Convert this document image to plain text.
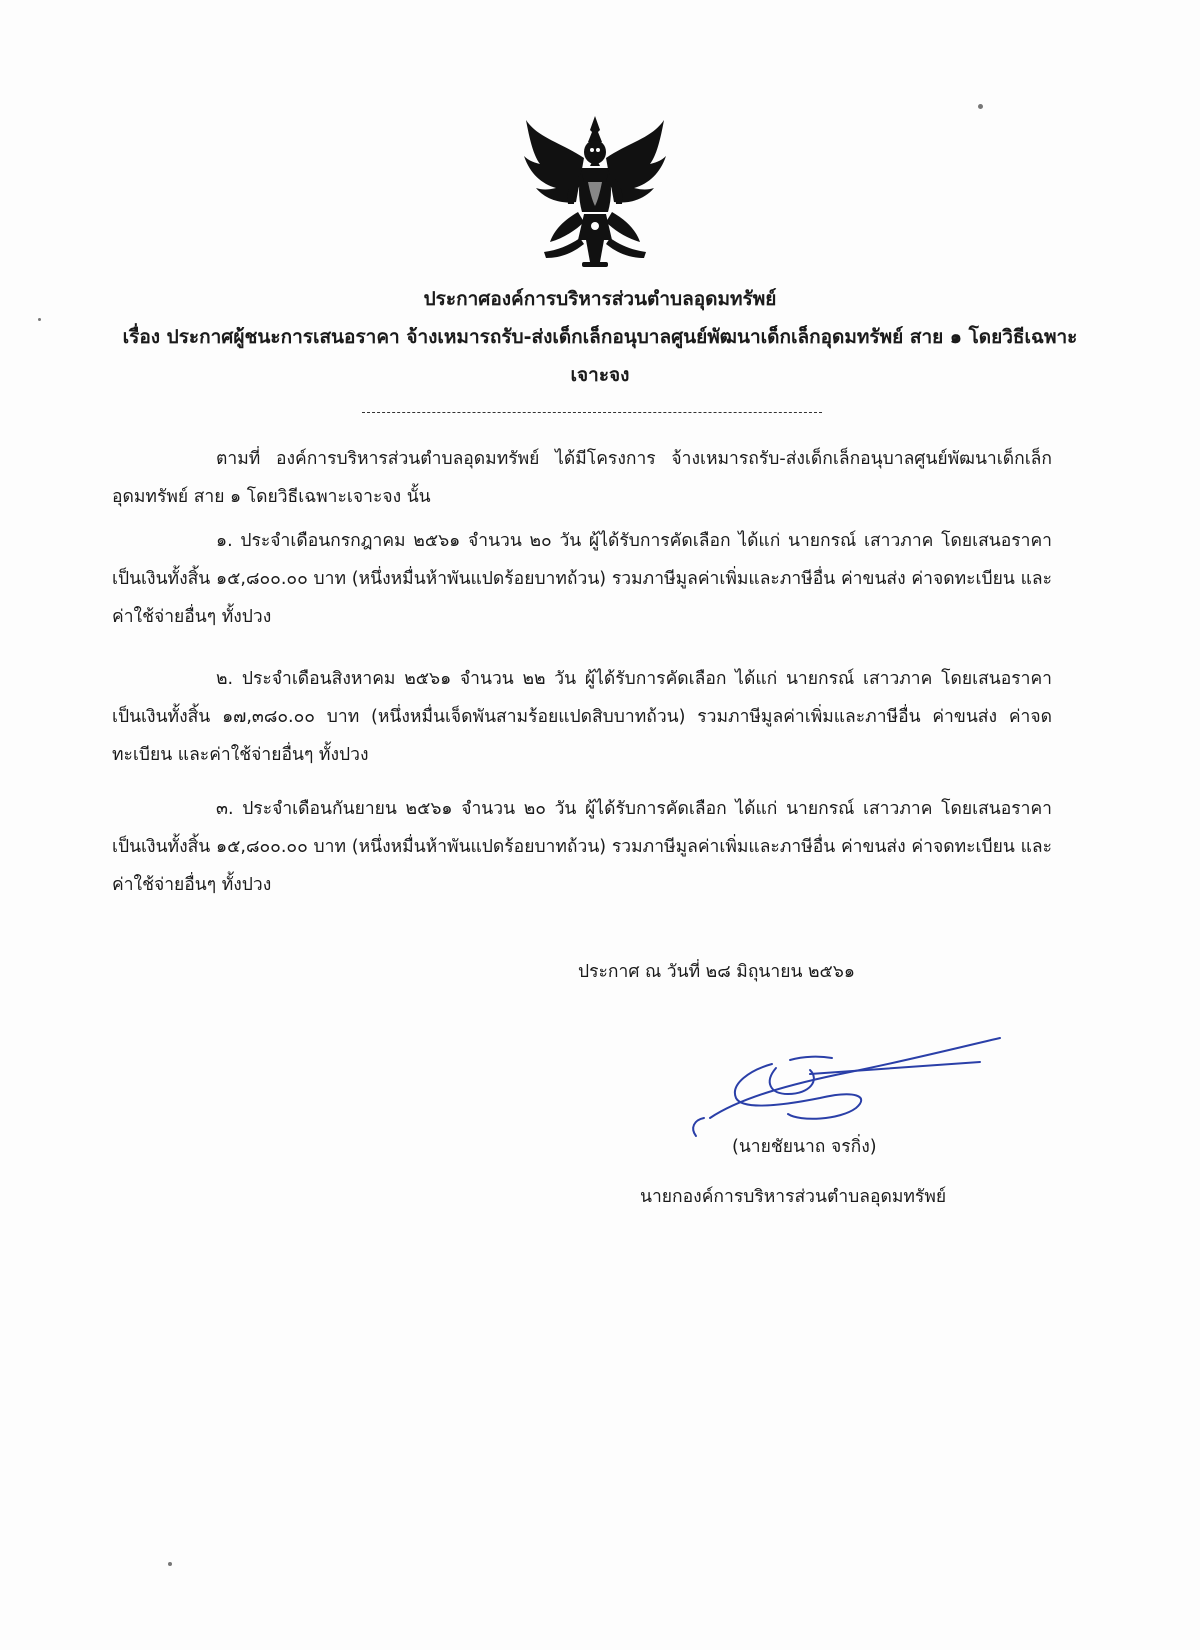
ประกาศองค์การบริหารส่วนตำบลอุดมทรัพย์
เรื่อง ประกาศผู้ชนะการเสนอราคา จ้างเหมารถรับ-ส่งเด็กเล็กอนุบาลศูนย์พัฒนาเด็กเล็กอุดมทรัพย์ สาย ๑ โดยวิธีเฉพาะเจาะจง
ตามที่ องค์การบริหารส่วนตำบลอุดมทรัพย์ ได้มีโครงการ จ้างเหมารถรับ-ส่งเด็กเล็กอนุบาลศูนย์พัฒนาเด็กเล็กอุดมทรัพย์ สาย ๑ โดยวิธีเฉพาะเจาะจง นั้น
๑. ประจำเดือนกรกฎาคม ๒๕๖๑ จำนวน ๒๐ วัน ผู้ได้รับการคัดเลือก ได้แก่ นายกรณ์ เสาวภาค โดยเสนอราคา เป็นเงินทั้งสิ้น ๑๕,๘๐๐.๐๐ บาท (หนึ่งหมื่นห้าพันแปดร้อยบาทถ้วน) รวมภาษีมูลค่าเพิ่มและภาษีอื่น ค่าขนส่ง ค่าจดทะเบียน และค่าใช้จ่ายอื่นๆ ทั้งปวง
๒. ประจำเดือนสิงหาคม ๒๕๖๑ จำนวน ๒๒ วัน ผู้ได้รับการคัดเลือก ได้แก่ นายกรณ์ เสาวภาค โดยเสนอราคา เป็นเงินทั้งสิ้น ๑๗,๓๘๐.๐๐ บาท (หนึ่งหมื่นเจ็ดพันสามร้อยแปดสิบบาทถ้วน) รวมภาษีมูลค่าเพิ่มและภาษีอื่น ค่าขนส่ง ค่าจดทะเบียน และค่าใช้จ่ายอื่นๆ ทั้งปวง
๓. ประจำเดือนกันยายน ๒๕๖๑ จำนวน ๒๐ วัน ผู้ได้รับการคัดเลือก ได้แก่ นายกรณ์ เสาวภาค โดยเสนอราคา เป็นเงินทั้งสิ้น ๑๕,๘๐๐.๐๐ บาท (หนึ่งหมื่นห้าพันแปดร้อยบาทถ้วน) รวมภาษีมูลค่าเพิ่มและภาษีอื่น ค่าขนส่ง ค่าจดทะเบียน และค่าใช้จ่ายอื่นๆ ทั้งปวง
ประกาศ ณ วันที่ ๒๘ มิถุนายน ๒๕๖๑
(นายชัยนาถ จรกิ่ง)
นายกองค์การบริหารส่วนตำบลอุดมทรัพย์
